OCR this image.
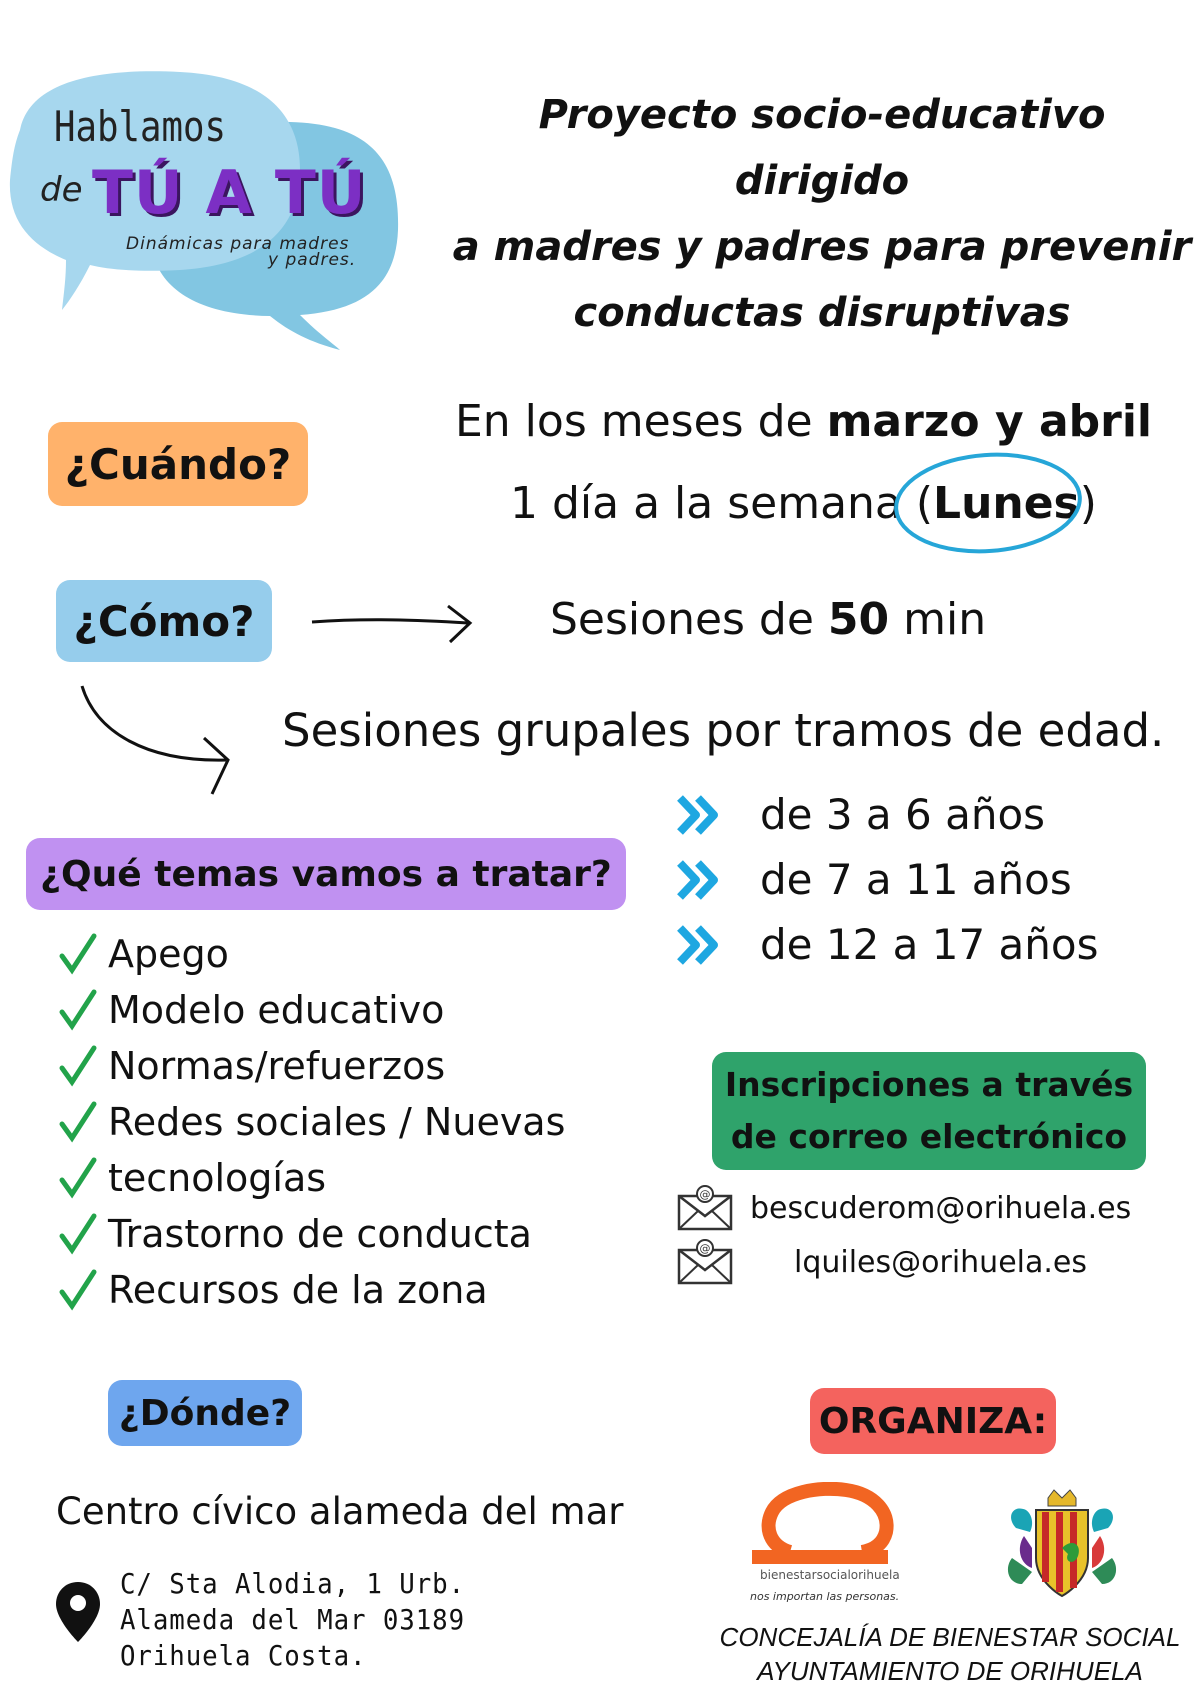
Hablamos
de TÚ A TÚ
Dinámicas para madres
y padres.
Proyecto socio-educativo dirigido
a madres y padres para prevenir
conductas disruptivas
¿Cuándo?
En los meses de marzo y abril
1 día a la semana (Lunes)
¿Cómo?	Sesiones de 50 min
Sesiones grupales por tramos de edad.
de 3 a 6 años
de 7 a 11 años
de 12 a 17 años
¿Qué temas vamos a tratar?
Apego
Modelo educativo
Normas/refuerzos
Redes sociales / Nuevas
tecnologías
Trastorno de conducta
Recursos de la zona
Inscripciones a través
de correo electrónico
@ bescuderom@orihuela.es
@	lquiles@orihuela.es
¿Dónde?
Centro cívico alameda del mar
C/ Sta Alodia, 1 Urb.
Alameda del Mar 03189
Orihuela Costa.
ORGANIZA:
bienestarsocialorihuela
nos importan las personas.
CONCEJALÍA DE BIENESTAR SOCIAL
AYUNTAMIENTO DE ORIHUELA
